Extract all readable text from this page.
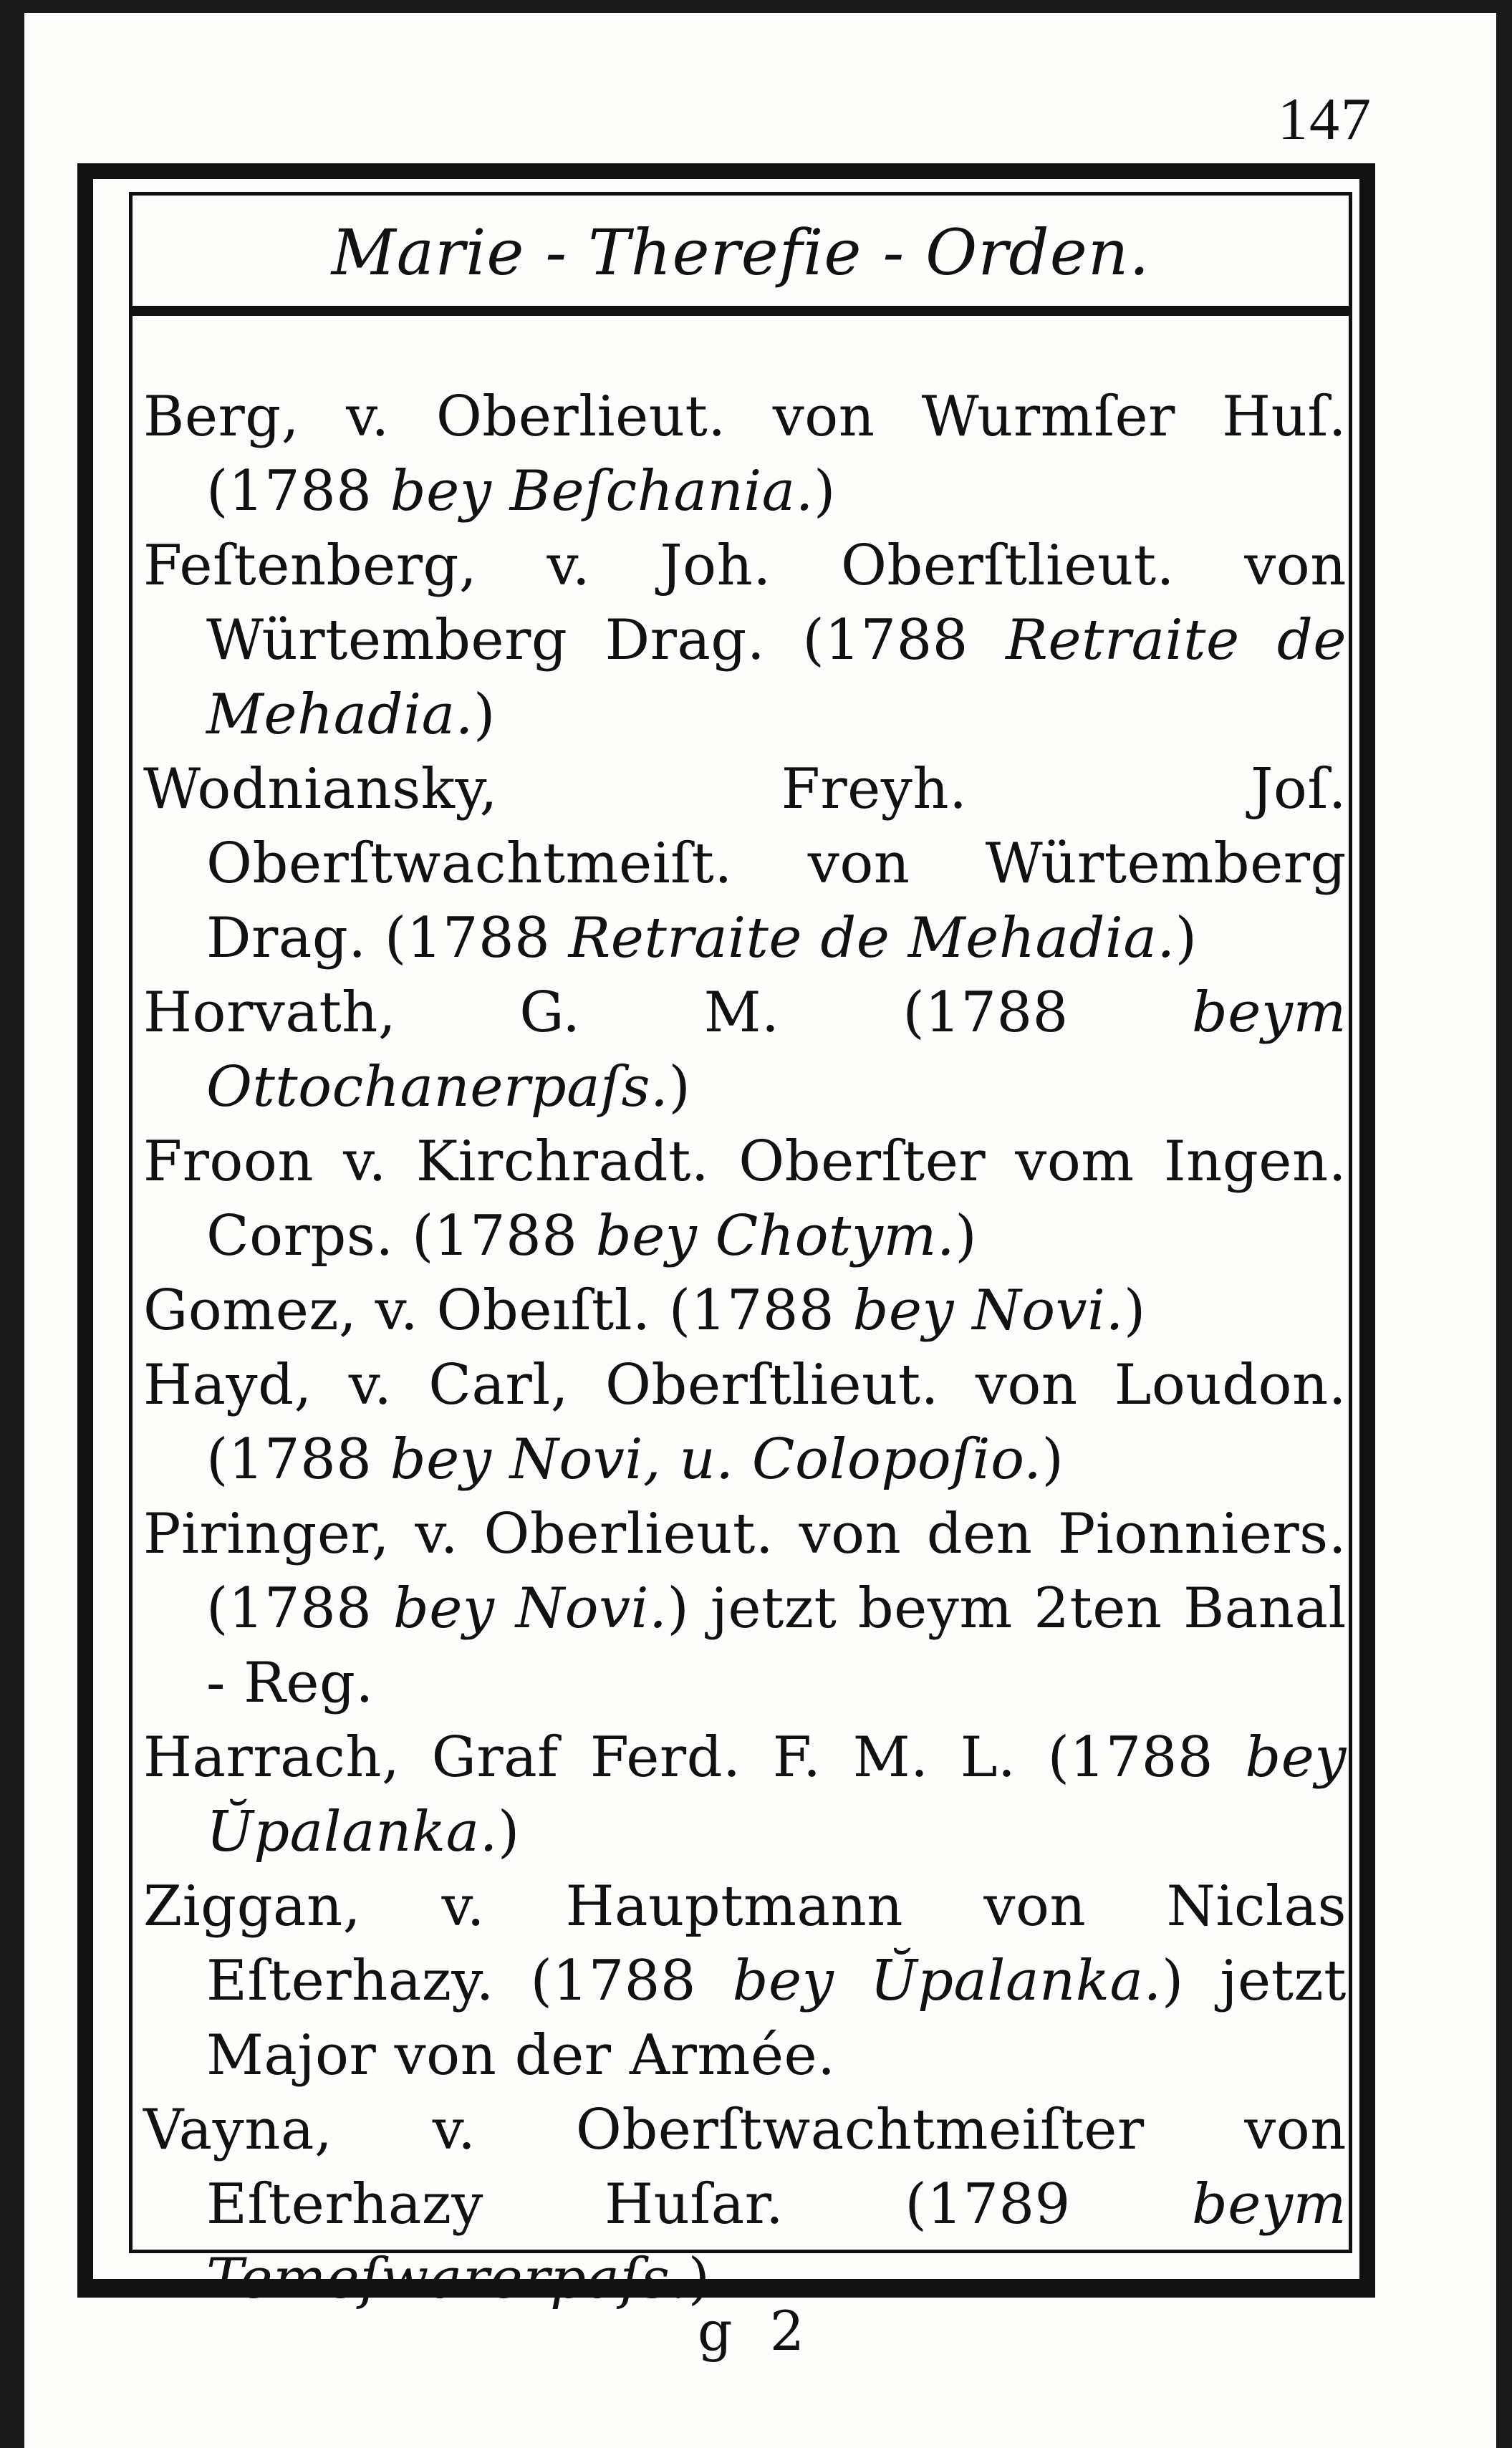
147
Marie - Therefie - Orden.

Berg, v. Oberlieut. von Wurmſer Huſ. (1788 bey Beſchania.)

Feſtenberg, v. Joh. Oberſtlieut. von Würtemberg Drag. (1788 Retraite de Mehadia.)

Wodniansky, Freyh. Joſ. Oberſtwachtmeiſt. von Würtemberg Drag. (1788 Retraite de Mehadia.)

Horvath, G. M. (1788 beym Ottochanerpaſs.)

Froon v. Kirchradt. Oberſter vom Ingen. Corps. (1788 bey Chotym.)

Gomez, v. Obeıſtl. (1788 bey Novi.)

Hayd, v. Carl, Oberſtlieut. von Loudon. (1788 bey Novi, u. Colopoſio.)

Piringer, v. Oberlieut. von den Pionniers. (1788 bey Novi.) jetzt beym 2ten Banal - Reg.

Harrach, Graf Ferd. F. M. L. (1788 bey Ŭpalanka.)

Ziggan, v. Hauptmann von Niclas Eſterhazy. (1788 bey Ŭpalanka.) jetzt Major von der Armée.

Vayna, v. Oberſtwachtmeiſter von Eſterhazy Huſar. (1789 beym Temeſwarerpaſs.)

g 2
